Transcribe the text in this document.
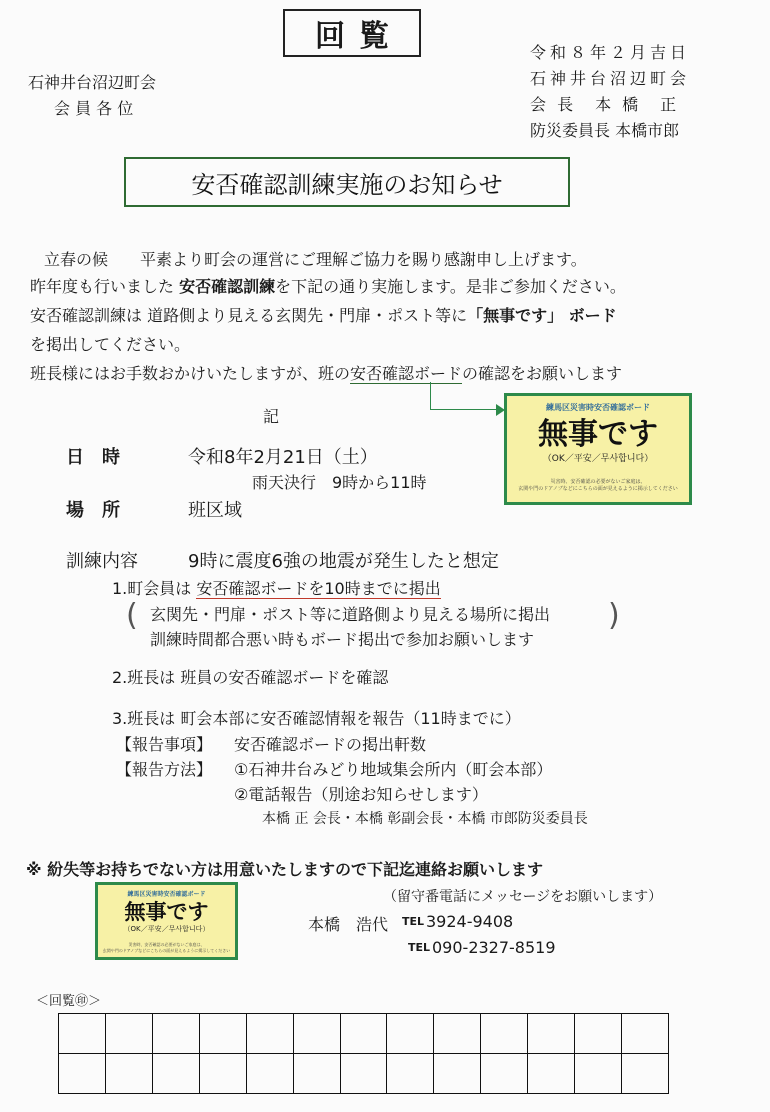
回覧
石神井台沼辺町会
会 員 各 位
令和８年２月吉日
石神井台沼辺町会
会 長　本 橋　正
防災委員長 本橋市郎
安否確認訓練実施のお知らせ
立春の候　　平素より町会の運営にご理解ご協力を賜り感謝申し上げます。
昨年度も行いました 安否確認訓練を下記の通り実施します。是非ご参加ください。
安否確認訓練は 道路側より見える玄関先・門扉・ポスト等に「無事です」 ボード
を掲出してください。
班長様にはお手数おかけいたしますが、班の安否確認ボードの確認をお願いします
記	練馬区災害時安否確認ボード
無事です
（OK／平安／무사합니다）
災害時、安否確認の必要がないご家庭は、
玄関や門のドアノブなどにこちらの面が見えるように掲示してください
日　時	令和8年2月21日（土）
雨天決行　9時から11時
場　所	班区域
訓練内容	9時に震度6強の地震が発生したと想定
1.町会員は 安否確認ボードを10時までに掲出
( 玄関先・門扉・ポスト等に道路側より見える場所に掲出
訓練時間都合悪い時もボード掲出で参加お願いします
)
2.班長は 班員の安否確認ボードを確認
3.班長は 町会本部に安否確認情報を報告（11時までに）
【報告事項】 安否確認ボードの掲出軒数
【報告方法】 ①石神井台みどり地域集会所内（町会本部）
②電話報告（別途お知らせします）
本橋 正 会長・本橋 彰副会長・本橋 市郎防災委員長
※ 紛失等お持ちでない方は用意いたしますので下記迄連絡お願いします
（留守番電話にメッセージをお願いします）
練馬区災害時安否確認ボード
無事です
（OK／平安／무사합니다）
災害時、安否確認の必要がないご家庭は、
玄関や門のドアノブなどにこちらの面が見えるように掲示してください
本橋　浩代 TEL 3924-9408
TEL 090-2327-8519
＜回覧㊞＞
